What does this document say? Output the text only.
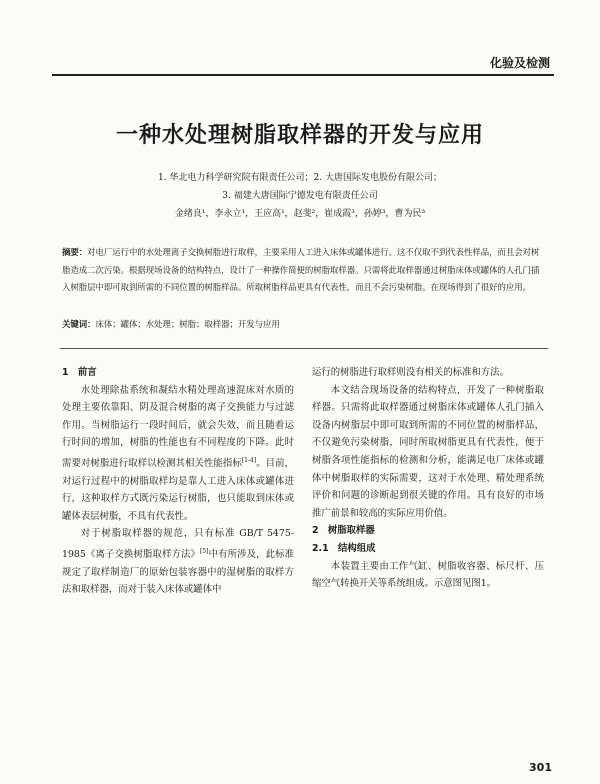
化验及检测
一种水处理树脂取样器的开发与应用
1. 华北电力科学研究院有限责任公司；2. 大唐国际发电股份有限公司；
3. 福建大唐国际宁德发电有限责任公司
金绪良¹，李永立¹，王应高¹，赵斐²，崔成霞³，孙婷³，曹为民³
摘要：对电厂运行中的水处理离子交换树脂进行取样，主要采用人工进入床体或罐体进行。这不仅取不到代表性样品，而且会对树脂造成二次污染。根据现场设备的结构特点，设计了一种操作简便的树脂取样器。只需将此取样器通过树脂床体或罐体的人孔门插入树脂层中即可取到所需的不同位置的树脂样品。所取树脂样品更具有代表性，而且不会污染树脂。在现场得到了很好的应用。
关键词：床体；罐体；水处理；树脂；取样器；开发与应用
1　前言

水处理除盐系统和凝结水精处理高速混床对水质的处理主要依靠阳、阴及混合树脂的离子交换能力与过滤作用。当树脂运行一段时间后，就会失效，而且随着运行时间的增加，树脂的性能也有不同程度的下降。此时需要对树脂进行取样以检测其相关性能指标[1-4]。目前，对运行过程中的树脂取样均是靠人工进入床体或罐体进行，这种取样方式既污染运行树脂，也只能取到床体或罐体表层树脂，不具有代表性。

对于树脂取样器的规范，只有标准 GB/T 5475-1985《离子交换树脂取样方法》[5]中有所涉及，此标准规定了取样制造厂的原始包装容器中的湿树脂的取样方法和取样器，而对于装入床体或罐体中

运行的树脂进行取样则没有相关的标准和方法。

本文结合现场设备的结构特点，开发了一种树脂取样器。只需将此取样器通过树脂床体或罐体人孔门插入设备内树脂层中即可取到所需的不同位置的树脂样品，不仅避免污染树脂，同时所取树脂更具有代表性，便于树脂各项性能指标的检测和分析，能满足电厂床体或罐体中树脂取样的实际需要，这对于水处理、精处理系统评价和问题的诊断起到很关键的作用。具有良好的市场推广前景和较高的实际应用价值。

2　树脂取样器
2.1　结构组成

本装置主要由工作气缸、树脂收容器、标尺杆、压缩空气转换开关等系统组成。示意图见图1。

301
